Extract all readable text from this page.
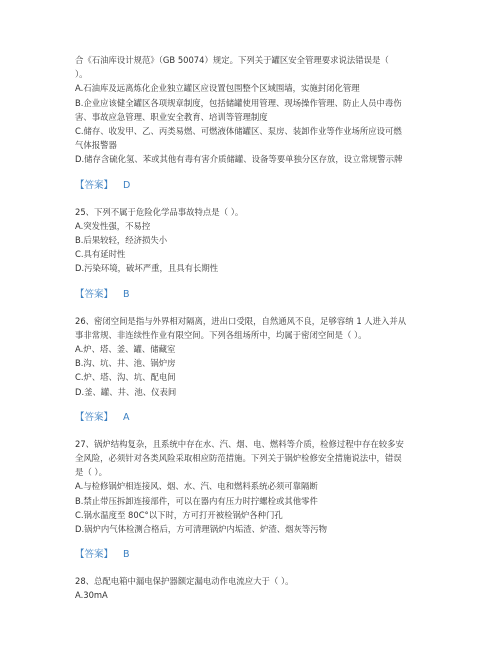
合《石油库设计规范》（GB 50074）规定。下列关于罐区安全管理要求说法错误是（
）。
A.石油库及远离炼化企业独立罐区应设置包围整个区域围墙，实施封闭化管理
B.企业应该健全罐区各项规章制度，包括储罐使用管理、现场操作管理、防止人员中毒伤
害、事故应急管理、职业安全教育、培训等管理制度
C.储存、收发甲、乙、丙类易燃、可燃液体储罐区、泵房、装卸作业等作业场所应设可燃
气体报警器
D.储存含硫化氢、苯或其他有毒有害介质储罐、设备等要单独分区存放，设立常规警示牌
【答案】 D
25、下列不属于危险化学品事故特点是（ ）。
A.突发性强，不易控
B.后果较轻，经济损失小
C.具有延时性
D.污染环境，破坏严重，且具有长期性
【答案】 B
26、密闭空间是指与外界相对隔离，进出口受限，自然通风不良，足够容纳 1 人进入并从
事非常规、非连续性作业有限空间。下列各组场所中，均属于密闭空间是（ ）。
A.炉、塔、釜、罐、储藏室
B.沟、坑、井、池、锅炉房
C.炉、塔、沟、坑、配电间
D.釜、罐、井、池、仪表间
【答案】 A
27、锅炉结构复杂，且系统中存在水、汽、烟、电、燃料等介质，检修过程中存在较多安
全风险，必须针对各类风险采取相应防范措施。下列关于锅炉检修安全措施说法中，错误
是（ ）。
A.与检修锅炉相连接风、烟、水、汽、电和燃料系统必须可靠隔断
B.禁止带压拆卸连接部件，可以在器内有压力时拧螺栓或其他零件
C.锅水温度至 80C°以下时，方可打开被检锅炉各种门孔
D.锅炉内气体检测合格后，方可清理锅炉内垢渣、炉渣、烟灰等污物
【答案】 B
28、总配电箱中漏电保护器额定漏电动作电流应大于（ ）。
A.30mA
